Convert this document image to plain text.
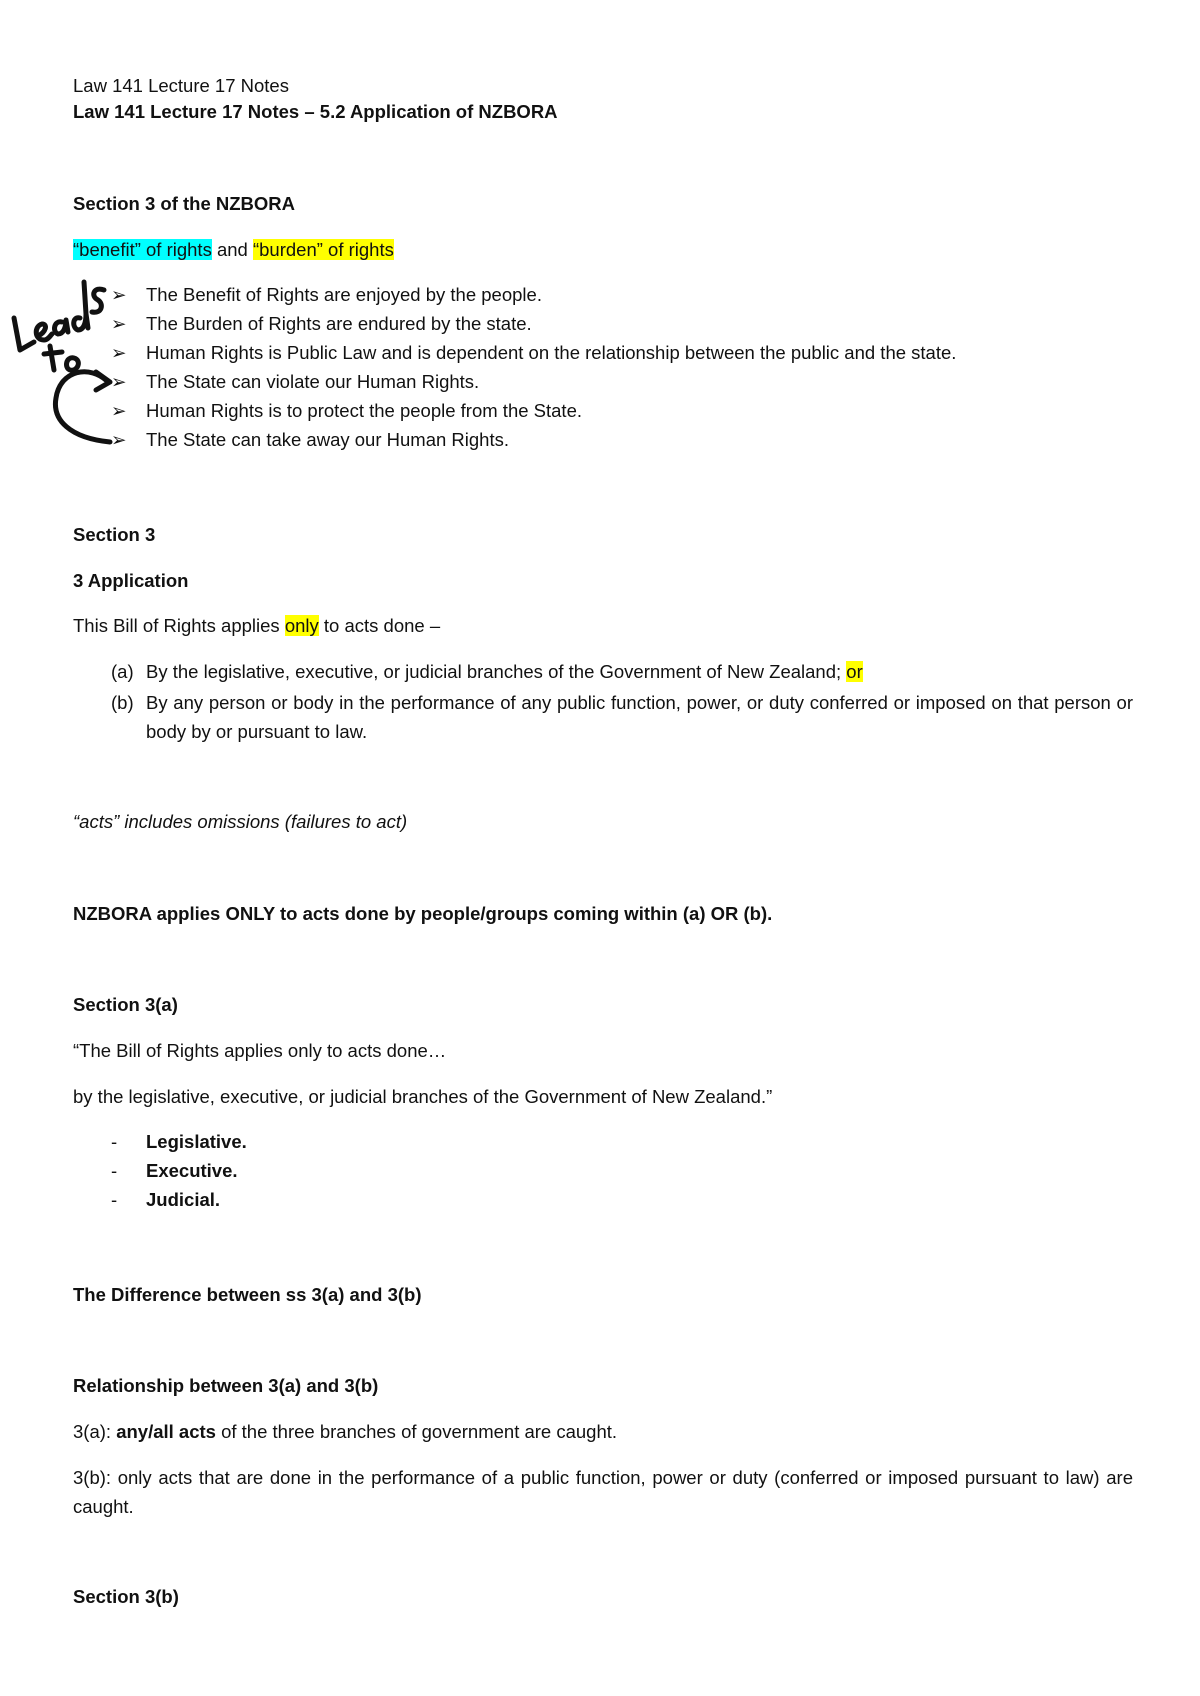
Law 141 Lecture 17 Notes
Law 141 Lecture 17 Notes – 5.2 Application of NZBORA
Section 3 of the NZBORA
“benefit” of rights and “burden” of rights
➢ The Benefit of Rights are enjoyed by the people.
➢ The Burden of Rights are endured by the state.
➢ Human Rights is Public Law and is dependent on the relationship between the public and the state.
➢ The State can violate our Human Rights.
➢ Human Rights is to protect the people from the State.
➢ The State can take away our Human Rights.
Section 3
3 Application
This Bill of Rights applies only to acts done –
(a) By the legislative, executive, or judicial branches of the Government of New Zealand; or
(b) By any person or body in the performance of any public function, power, or duty conferred or imposed on that person or body by or pursuant to law.
“acts” includes omissions (failures to act)
NZBORA applies ONLY to acts done by people/groups coming within (a) OR (b).
Section 3(a)
“The Bill of Rights applies only to acts done…
by the legislative, executive, or judicial branches of the Government of New Zealand.”
- Legislative.
- Executive.
- Judicial.
The Difference between ss 3(a) and 3(b)
Relationship between 3(a) and 3(b)
3(a): any/all acts of the three branches of government are caught.
3(b): only acts that are done in the performance of a public function, power or duty (conferred or imposed pursuant to law) are caught.
Section 3(b)
